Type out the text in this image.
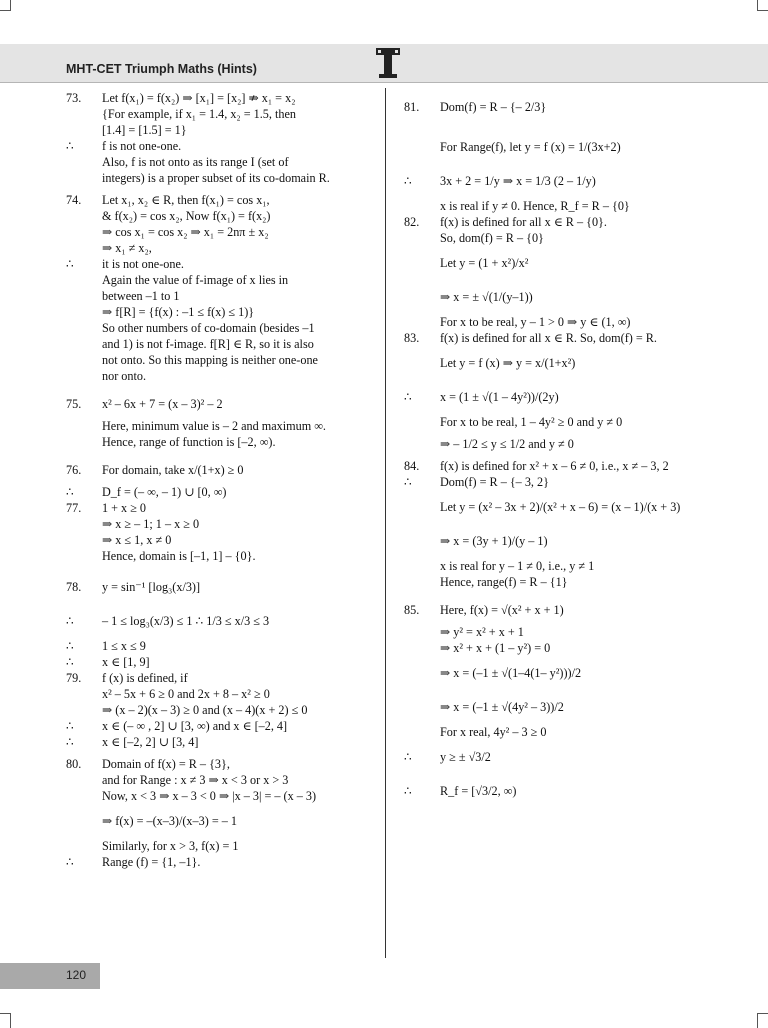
MHT-CET Triumph Maths (Hints)
73. Let f(x₁) = f(x₂) ⇒ [x₁] = [x₂] ⇏ x₁ = x₂
{For example, if x₁ = 1.4, x₂ = 1.5, then
[1.4] = [1.5] = 1}
∴ f is not one-one.
Also, f is not onto as its range I (set of
integers) is a proper subset of its co-domain R.
74. Let x₁, x₂ ∈ R, then f(x₁) = cos x₁,
& f(x₂) = cos x₂, Now f(x₁) = f(x₂)
⇒ cos x₁ = cos x₂ ⇒ x₁ = 2nπ ± x₂
⇒ x₁ ≠ x₂,
∴ it is not one-one.
Again the value of f-image of x lies in
between –1 to 1
⇒ f[R] = {f(x) : –1 ≤ f(x) ≤ 1)}
So other numbers of co-domain (besides –1
and 1) is not f-image. f[R] ∈ R, so it is also
not onto. So this mapping is neither one-one
nor onto.
75. x² – 6x + 7 = (x – 3)² – 2
Here, minimum value is – 2 and maximum ∞.
Hence, range of function is [–2, ∞).
76. For domain, take x/(1+x) ≥ 0
∴ D_f = (– ∞, – 1) ∪ [0, ∞)
77. 1 + x ≥ 0
⇒ x ≥ – 1; 1 – x ≥ 0
⇒ x ≤ 1, x ≠ 0
Hence, domain is [–1, 1] – {0}.
78. y = sin⁻¹ [log₃(x/3)]
∴ – 1 ≤ log₃(x/3) ≤ 1 ∴ 1/3 ≤ x/3 ≤ 3
∴ 1 ≤ x ≤ 9
∴ x ∈ [1, 9]
79. f (x) is defined, if
x² – 5x + 6 ≥ 0 and 2x + 8 – x² ≥ 0
⇒ (x – 2)(x – 3) ≥ 0 and (x – 4)(x + 2) ≤ 0
∴ x ∈ (– ∞ , 2] ∪ [3, ∞) and x ∈ [–2, 4]
∴ x ∈ [–2, 2] ∪ [3, 4]
80. Domain of f(x) = R – {3},
and for Range : x ≠ 3 ⇒ x < 3 or x > 3
Now, x < 3 ⇒ x – 3 < 0 ⇒ |x – 3| = – (x – 3)
⇒ f(x) = –(x–3)/(x–3) = – 1
Similarly, for x > 3, f(x) = 1
∴ Range (f) = {1, –1}.
81. Dom(f) = R – {– 2/3}
For Range(f), let y = f (x) = 1/(3x+2)
∴ 3x + 2 = 1/y ⇒ x = 1/3 (2 – 1/y)
x is real if y ≠ 0. Hence, R_f = R – {0}
82. f(x) is defined for all x ∈ R – {0}.
So, dom(f) = R – {0}
Let y = (1 + x²)/x²
⇒ x = ± √(1/(y–1))
For x to be real, y – 1 > 0 ⇒ y ∈ (1, ∞)
83. f(x) is defined for all x ∈ R. So, dom(f) = R.
Let y = f (x) ⇒ y = x/(1+x²)
∴ x = (1 ± √(1 – 4y²))/(2y)
For x to be real, 1 – 4y² ≥ 0 and y ≠ 0
⇒ – 1/2 ≤ y ≤ 1/2 and y ≠ 0
84. f(x) is defined for x² + x – 6 ≠ 0, i.e., x ≠ – 3, 2
∴ Dom(f) = R – {– 3, 2}
Let y = (x² – 3x + 2)/(x² + x – 6) = (x – 1)/(x + 3)
⇒ x = (3y + 1)/(y – 1)
x is real for y – 1 ≠ 0, i.e., y ≠ 1
Hence, range(f) = R – {1}
85. Here, f(x) = √(x² + x + 1)
⇒ y² = x² + x + 1
⇒ x² + x + (1 – y²) = 0
⇒ x = (–1 ± √(1–4(1– y²)))/2
⇒ x = (–1 ± √(4y² – 3))/2
For x real, 4y² – 3 ≥ 0
∴ y ≥ ± √3/2
∴ R_f = [√3/2, ∞)
120
